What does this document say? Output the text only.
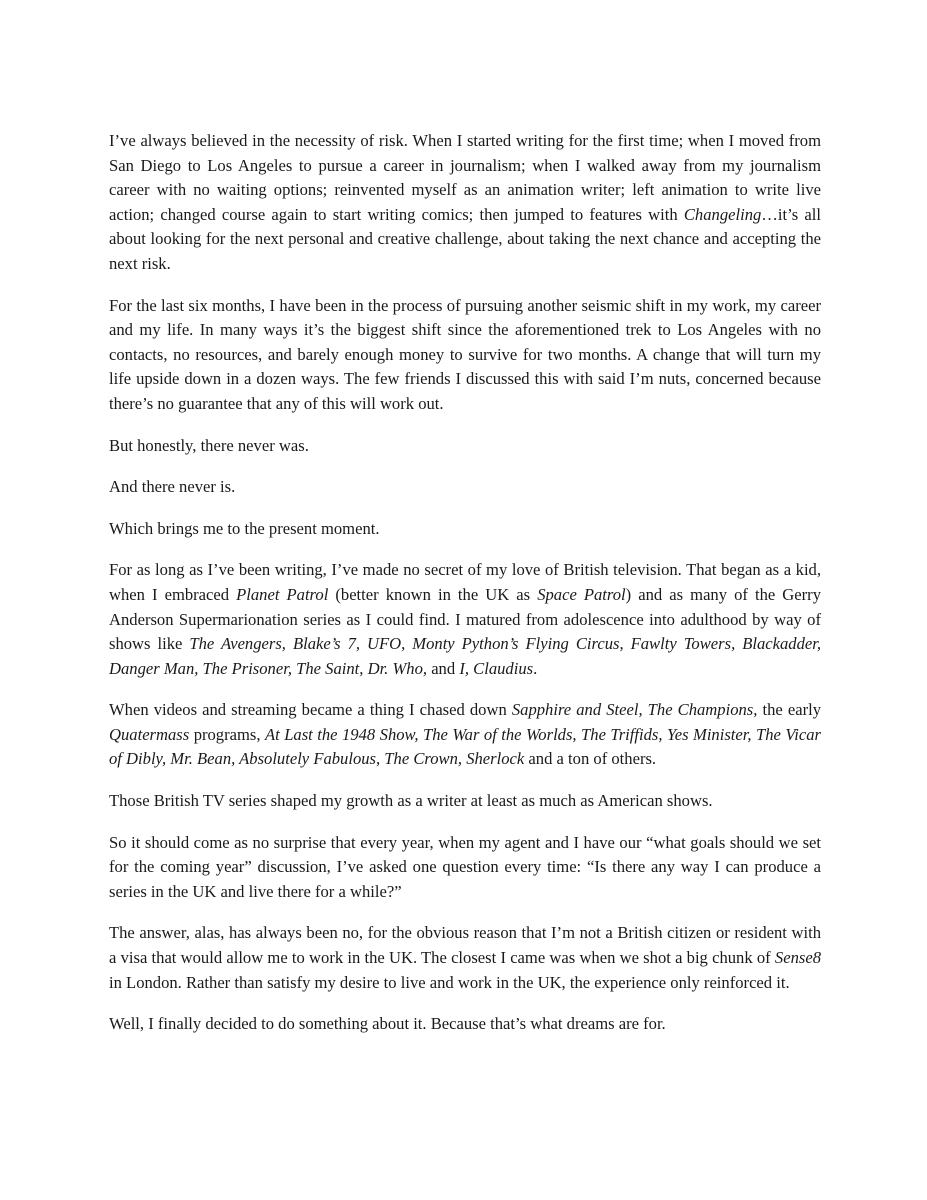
I’ve always believed in the necessity of risk. When I started writing for the first time; when I moved from San Diego to Los Angeles to pursue a career in journalism; when I walked away from my journalism career with no waiting options; reinvented myself as an animation writer; left animation to write live action; changed course again to start writing comics; then jumped to features with Changeling…it’s all about looking for the next personal and creative challenge, about taking the next chance and accepting the next risk.

For the last six months, I have been in the process of pursuing another seismic shift in my work, my career and my life. In many ways it’s the biggest shift since the aforementioned trek to Los Angeles with no contacts, no resources, and barely enough money to survive for two months. A change that will turn my life upside down in a dozen ways. The few friends I discussed this with said I’m nuts, concerned because there’s no guarantee that any of this will work out.

But honestly, there never was.

And there never is.

Which brings me to the present moment.

For as long as I’ve been writing, I’ve made no secret of my love of British television. That began as a kid, when I embraced Planet Patrol (better known in the UK as Space Patrol) and as many of the Gerry Anderson Supermarionation series as I could find. I matured from adolescence into adulthood by way of shows like The Avengers, Blake’s 7, UFO, Monty Python’s Flying Circus, Fawlty Towers, Blackadder, Danger Man, The Prisoner, The Saint, Dr. Who, and I, Claudius.

When videos and streaming became a thing I chased down Sapphire and Steel, The Champions, the early Quatermass programs, At Last the 1948 Show, The War of the Worlds, The Triffids, Yes Minister, The Vicar of Dibly, Mr. Bean, Absolutely Fabulous, The Crown, Sherlock and a ton of others.

Those British TV series shaped my growth as a writer at least as much as American shows.

So it should come as no surprise that every year, when my agent and I have our “what goals should we set for the coming year” discussion, I’ve asked one question every time: “Is there any way I can produce a series in the UK and live there for a while?”

The answer, alas, has always been no, for the obvious reason that I’m not a British citizen or resident with a visa that would allow me to work in the UK. The closest I came was when we shot a big chunk of Sense8 in London. Rather than satisfy my desire to live and work in the UK, the experience only reinforced it.

Well, I finally decided to do something about it. Because that’s what dreams are for.
